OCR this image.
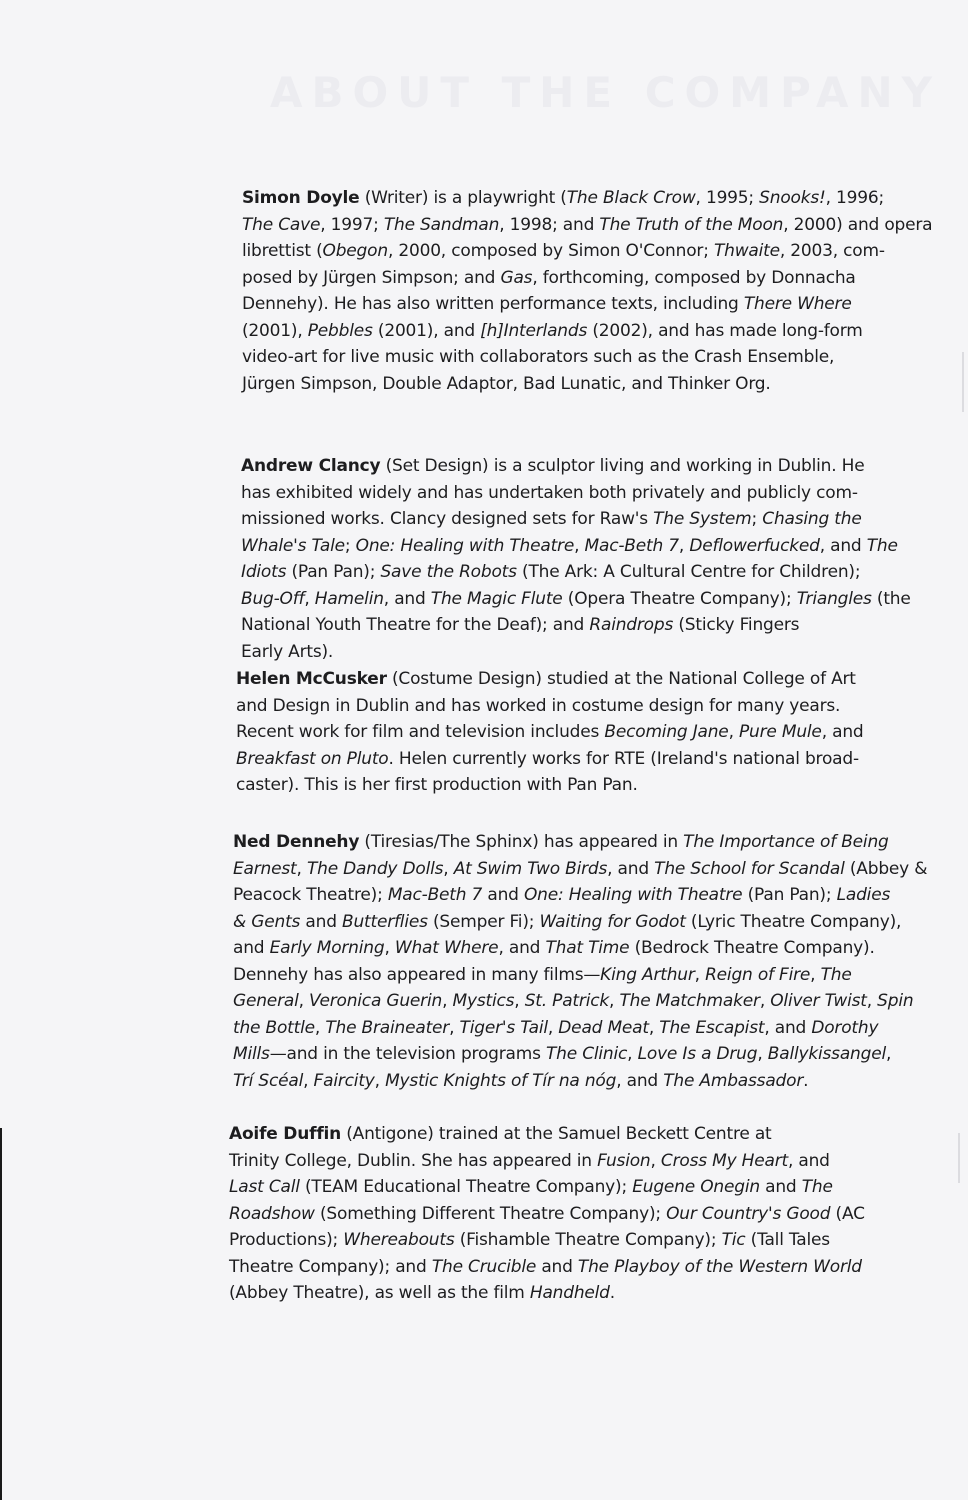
ABOUT THE COMPANY
Simon Doyle (Writer) is a playwright (The Black Crow, 1995; Snooks!, 1996;
The Cave, 1997; The Sandman, 1998; and The Truth of the Moon, 2000) and opera
librettist (Obegon, 2000, composed by Simon O'Connor; Thwaite, 2003, com-
posed by Jürgen Simpson; and Gas, forthcoming, composed by Donnacha
Dennehy). He has also written performance texts, including There Where
(2001), Pebbles (2001), and [h]Interlands (2002), and has made long-form
video-art for live music with collaborators such as the Crash Ensemble,
Jürgen Simpson, Double Adaptor, Bad Lunatic, and Thinker Org.
Andrew Clancy (Set Design) is a sculptor living and working in Dublin. He
has exhibited widely and has undertaken both privately and publicly com-
missioned works. Clancy designed sets for Raw's The System; Chasing the
Whale's Tale; One: Healing with Theatre, Mac-Beth 7, Deflowerfucked, and The
Idiots (Pan Pan); Save the Robots (The Ark: A Cultural Centre for Children);
Bug-Off, Hamelin, and The Magic Flute (Opera Theatre Company); Triangles (the
National Youth Theatre for the Deaf); and Raindrops (Sticky Fingers
Early Arts).
Helen McCusker (Costume Design) studied at the National College of Art
and Design in Dublin and has worked in costume design for many years.
Recent work for film and television includes Becoming Jane, Pure Mule, and
Breakfast on Pluto. Helen currently works for RTE (Ireland's national broad-
caster). This is her first production with Pan Pan.
Ned Dennehy (Tiresias/The Sphinx) has appeared in The Importance of Being
Earnest, The Dandy Dolls, At Swim Two Birds, and The School for Scandal (Abbey &
Peacock Theatre); Mac-Beth 7 and One: Healing with Theatre (Pan Pan); Ladies
& Gents and Butterflies (Semper Fi); Waiting for Godot (Lyric Theatre Company),
and Early Morning, What Where, and That Time (Bedrock Theatre Company).
Dennehy has also appeared in many films—King Arthur, Reign of Fire, The
General, Veronica Guerin, Mystics, St. Patrick, The Matchmaker, Oliver Twist, Spin
the Bottle, The Braineater, Tiger's Tail, Dead Meat, The Escapist, and Dorothy
Mills—and in the television programs The Clinic, Love Is a Drug, Ballykissangel,
Trí Scéal, Faircity, Mystic Knights of Tír na nóg, and The Ambassador.
Aoife Duffin (Antigone) trained at the Samuel Beckett Centre at
Trinity College, Dublin. She has appeared in Fusion, Cross My Heart, and
Last Call (TEAM Educational Theatre Company); Eugene Onegin and The
Roadshow (Something Different Theatre Company); Our Country's Good (AC
Productions); Whereabouts (Fishamble Theatre Company); Tic (Tall Tales
Theatre Company); and The Crucible and The Playboy of the Western World
(Abbey Theatre), as well as the film Handheld.
